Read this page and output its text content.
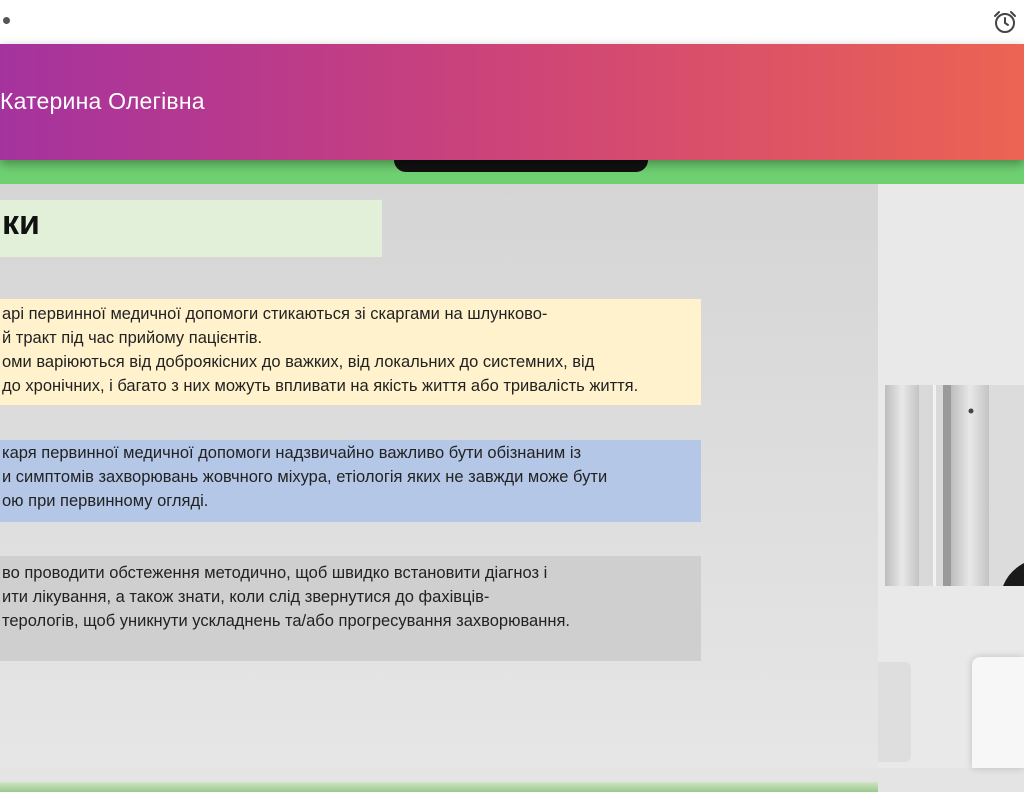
Катерина Олегівна
ки
арі первинної медичної допомоги стикаються зі скаргами на шлунково-
й тракт під час прийому пацієнтів.
оми варіюються від доброякісних до важких, від локальних до системних, від
до хронічних, і багато з них можуть впливати на якість життя або тривалість життя.
каря первинної медичної допомоги надзвичайно важливо бути обізнаним із
и симптомів захворювань жовчного міхура, етіологія яких не завжди може бути
ою при первинному огляді.
во проводити обстеження методично, щоб швидко встановити діагноз і
ити лікування, а також знати, коли слід звернутися до фахівців-
терологів, щоб уникнути ускладнень та/або прогресування захворювання.
